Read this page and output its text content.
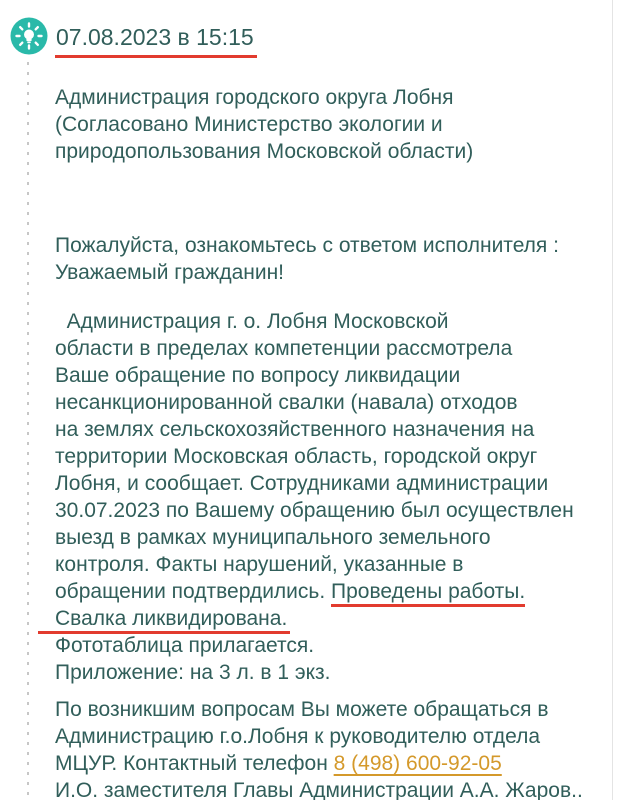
07.08.2023 в 15:15
Администрация городского округа Лобня
(Согласовано Министерство экологии и
природопользования Московской области)
Пожалуйста, ознакомьтесь с ответом исполнителя :
Уважаемый гражданин!
Администрация г. о. Лобня Московской
области в пределах компетенции рассмотрела
Ваше обращение по вопросу ликвидации
несанкционированной свалки (навала) отходов
на землях сельскохозяйственного назначения на
территории Московская область, городской округ
Лобня, и сообщает. Сотрудниками администрации
30.07.2023 по Вашему обращению был осуществлен
выезд в рамках муниципального земельного
контроля. Факты нарушений, указанные в
обращении подтвердились. Проведены работы.
Свалка ликвидирована.
Фототаблица прилагается.
Приложение: на 3 л. в 1 экз.
По возникшим вопросам Вы можете обращаться в
Администрацию г.о.Лобня к руководителю отдела
МЦУР. Контактный телефон 8 (498) 600-92-05
И.О. заместителя Главы Администрации А.А. Жаров..
